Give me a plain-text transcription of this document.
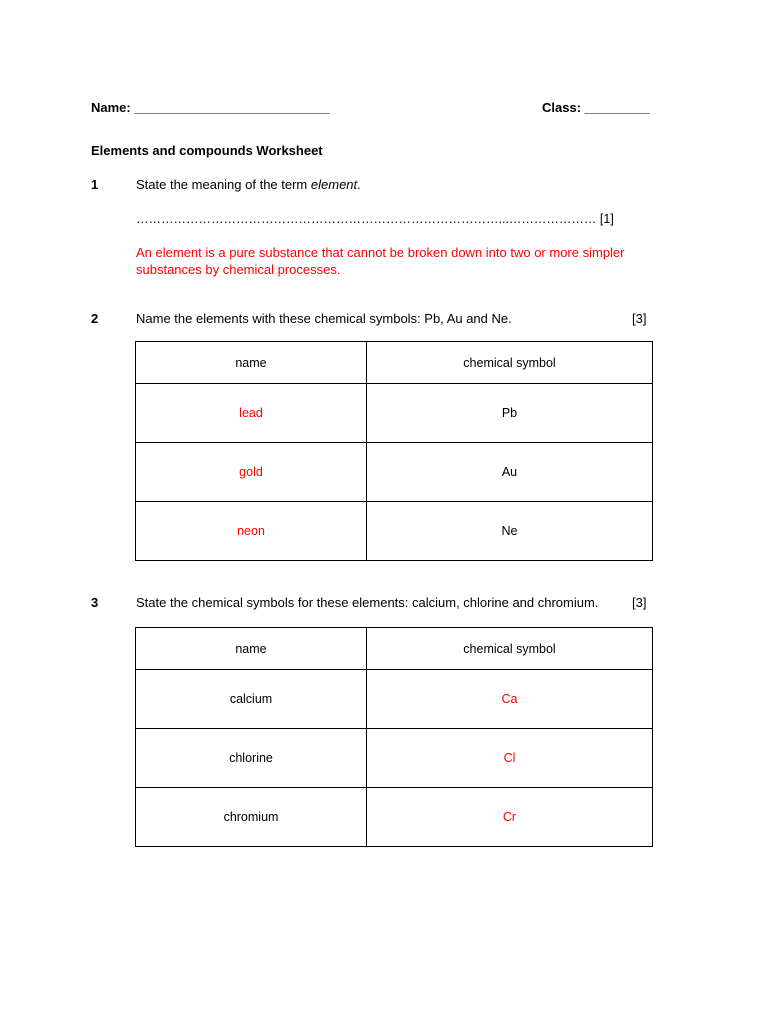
Name: ___________________________	Class: _________
Elements and compounds Worksheet
1	State the meaning of the term element.
……………………………………………………………………………...………………… [1]
An element is a pure substance that cannot be broken down into two or more simpler substances by chemical processes.
2	Name the elements with these chemical symbols: Pb, Au and Ne.	[3]
name	chemical symbol
lead	Pb
gold	Au
neon	Ne
3	State the chemical symbols for these elements: calcium, chlorine and chromium.	[3]
name	chemical symbol
calcium	Ca
chlorine	Cl
chromium	Cr
